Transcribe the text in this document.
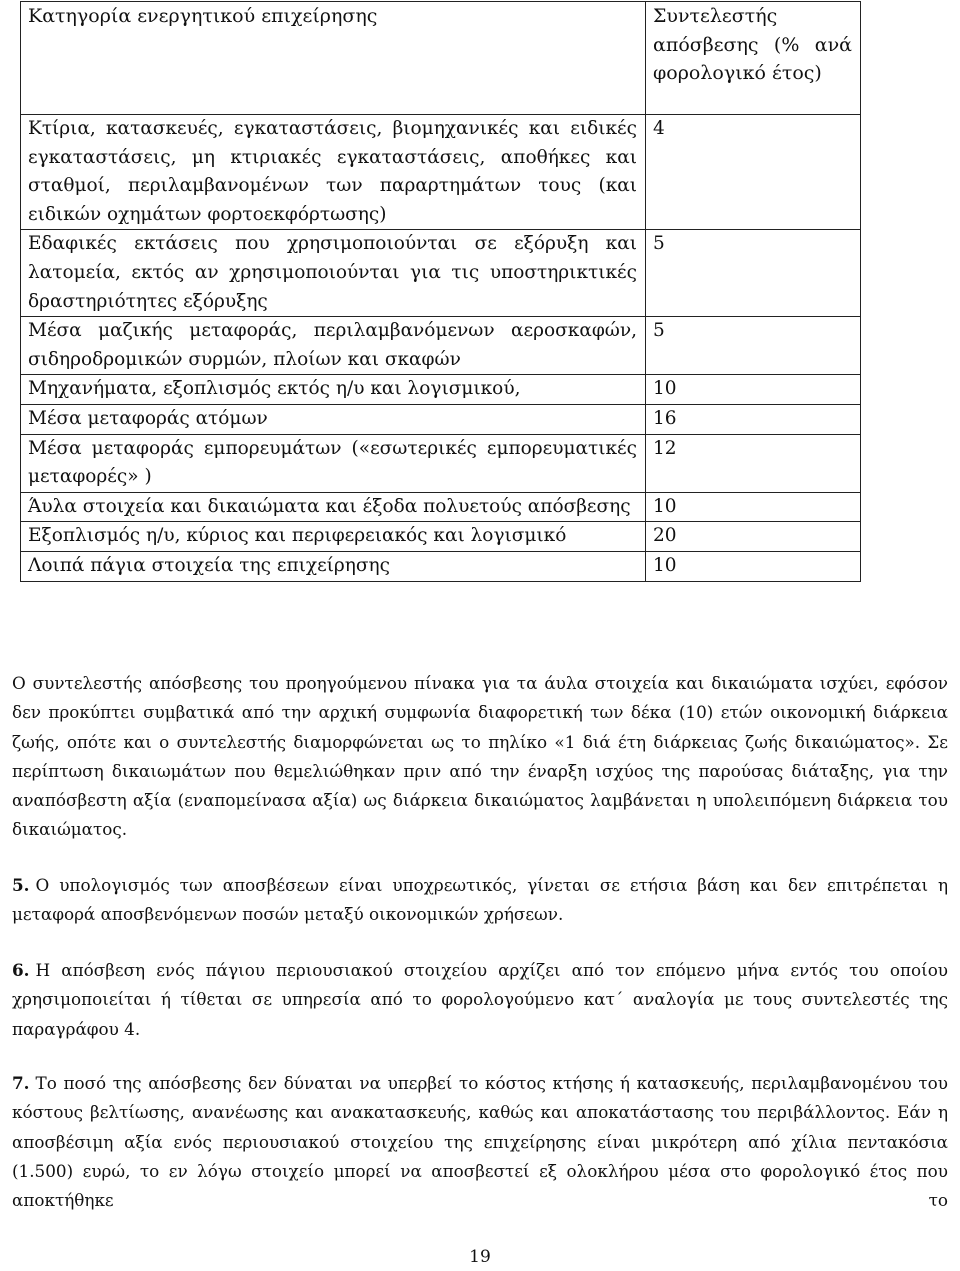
Κατηγορία ενεργητικού επιχείρησης	Συντελεστής απόσβεσης (% ανά φορολογικό έτος)
Κτίρια, κατασκευές, εγκαταστάσεις, βιομηχανικές και ειδικές εγκαταστάσεις, μη κτιριακές εγκαταστάσεις, αποθήκες και σταθμοί, περιλαμβανομένων των παραρτημάτων τους (και ειδικών οχημάτων φορτοεκφόρτωσης)	4
Εδαφικές εκτάσεις που χρησιμοποιούνται σε εξόρυξη και λατομεία, εκτός αν χρησιμοποιούνται για τις υποστηρικτικές δραστηριότητες εξόρυξης	5
Μέσα μαζικής μεταφοράς, περιλαμβανόμενων αεροσκαφών, σιδηροδρομικών συρμών, πλοίων και σκαφών	5
Μηχανήματα, εξοπλισμός εκτός η/υ και λογισμικού,	10
Μέσα μεταφοράς ατόμων	16
Μέσα μεταφοράς εμπορευμάτων («εσωτερικές εμπορευματικές μεταφορές» )	12
Άυλα στοιχεία και δικαιώματα και έξοδα πολυετούς απόσβεσης	10
Εξοπλισμός η/υ, κύριος και περιφερειακός και λογισμικό	20
Λοιπά πάγια στοιχεία της επιχείρησης	10

Ο συντελεστής απόσβεσης του προηγούμενου πίνακα για τα άυλα στοιχεία και δικαιώματα ισχύει, εφόσον δεν προκύπτει συμβατικά από την αρχική συμφωνία διαφορετική των δέκα (10) ετών οικονομική διάρκεια ζωής, οπότε και ο συντελεστής διαμορφώνεται ως το πηλίκο «1 διά έτη διάρκειας ζωής δικαιώματος». Σε περίπτωση δικαιωμάτων που θεμελιώθηκαν πριν από την έναρξη ισχύος της παρούσας διάταξης, για την αναπόσβεστη αξία (εναπομείνασα αξία) ως διάρκεια δικαιώματος λαμβάνεται η υπολειπόμενη διάρκεια του δικαιώματος.

5. Ο υπολογισμός των αποσβέσεων είναι υποχρεωτικός, γίνεται σε ετήσια βάση και δεν επιτρέπεται η μεταφορά αποσβενόμενων ποσών μεταξύ οικονομικών χρήσεων.

6. Η απόσβεση ενός πάγιου περιουσιακού στοιχείου αρχίζει από τον επόμενο μήνα εντός του οποίου χρησιμοποιείται ή τίθεται σε υπηρεσία από το φορολογούμενο κατ΄ αναλογία με τους συντελεστές της παραγράφου 4.

7. Το ποσό της απόσβεσης δεν δύναται να υπερβεί το κόστος κτήσης ή κατασκευής, περιλαμβανομένου του κόστους βελτίωσης, ανανέωσης και ανακατασκευής, καθώς και αποκατάστασης του περιβάλλοντος. Εάν η αποσβέσιμη αξία ενός περιουσιακού στοιχείου της επιχείρησης είναι μικρότερη από χίλια πεντακόσια (1.500) ευρώ, το εν λόγω στοιχείο μπορεί να αποσβεστεί εξ ολοκλήρου μέσα στο φορολογικό έτος που αποκτήθηκε το

19
